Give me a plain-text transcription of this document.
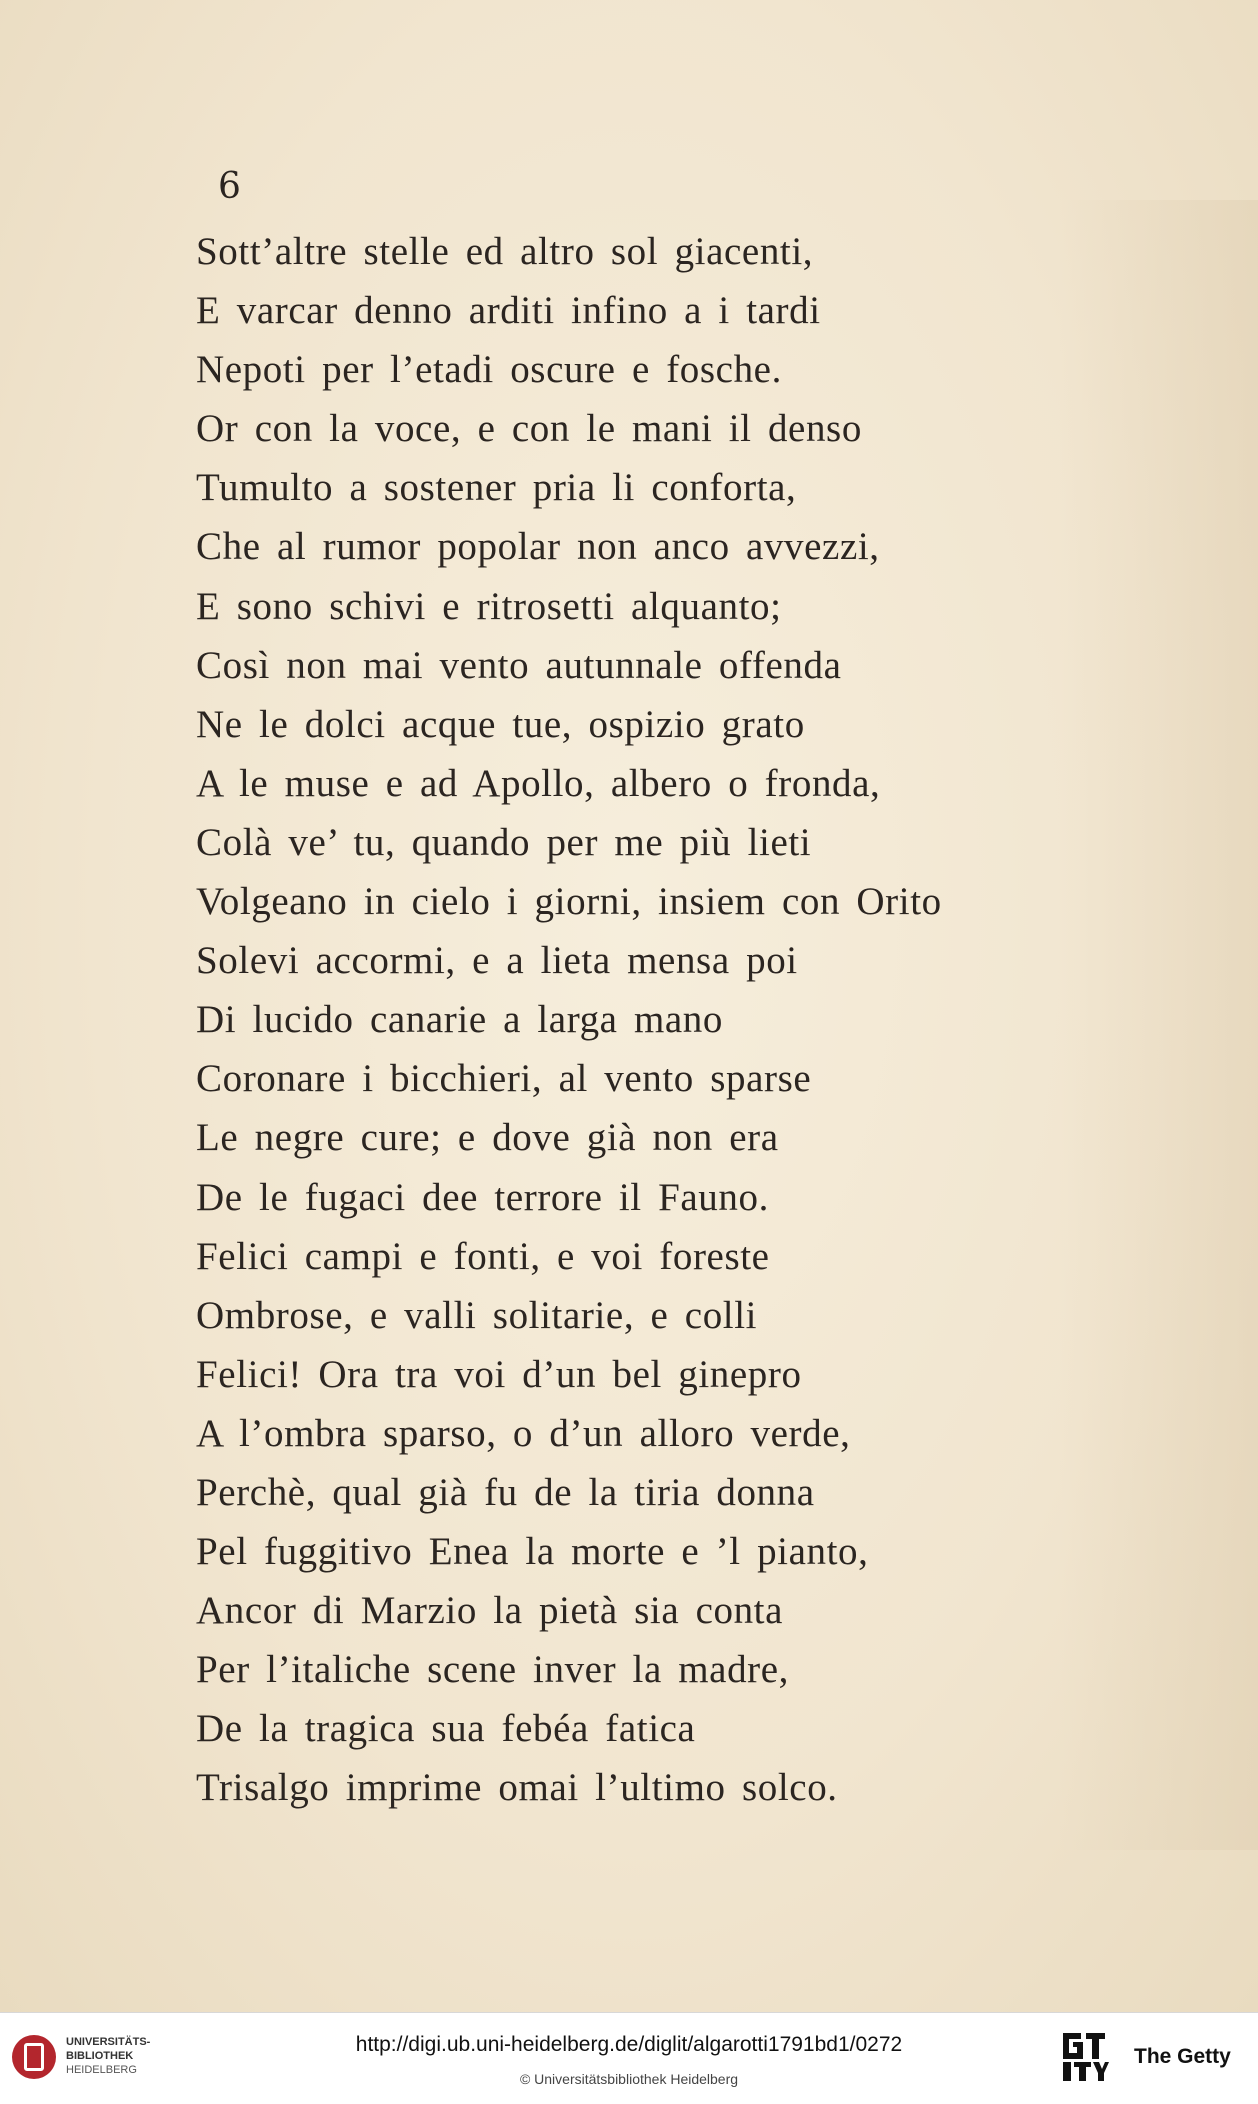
6
Sott’altre stelle ed altro sol giacenti,
E varcar denno arditi infino a i tardi
Nepoti per l’etadi oscure e fosche.
Or con la voce, e con le mani il denso
Tumulto a sostener pria li conforta,
Che al rumor popolar non anco avvezzi,
E sono schivi e ritrosetti alquanto;
Così non mai vento autunnale offenda
Ne le dolci acque tue, ospizio grato
A le muse e ad Apollo, albero o fronda,
Colà ve’ tu, quando per me più lieti
Volgeano in cielo i giorni, insiem con Orito
Solevi accormi, e a lieta mensa poi
Di lucido canarie a larga mano
Coronare i bicchieri, al vento sparse
Le negre cure; e dove già non era
De le fugaci dee terrore il Fauno.
Felici campi e fonti, e voi foreste
Ombrose, e valli solitarie, e colli
Felici! Ora tra voi d’un bel ginepro
A l’ombra sparso, o d’un alloro verde,
Perchè, qual già fu de la tiria donna
Pel fuggitivo Enea la morte e ’l pianto,
Ancor di Marzio la pietà sia conta
Per l’italiche scene inver la madre,
De la tragica sua febéa fatica
Trisalgo imprime omai l’ultimo solco.
UNIVERSITÄTS-
BIBLIOTHEK
HEIDELBERG
http://digi.ub.uni-heidelberg.de/diglit/algarotti1791bd1/0272
© Universitätsbibliothek Heidelberg
The Getty
